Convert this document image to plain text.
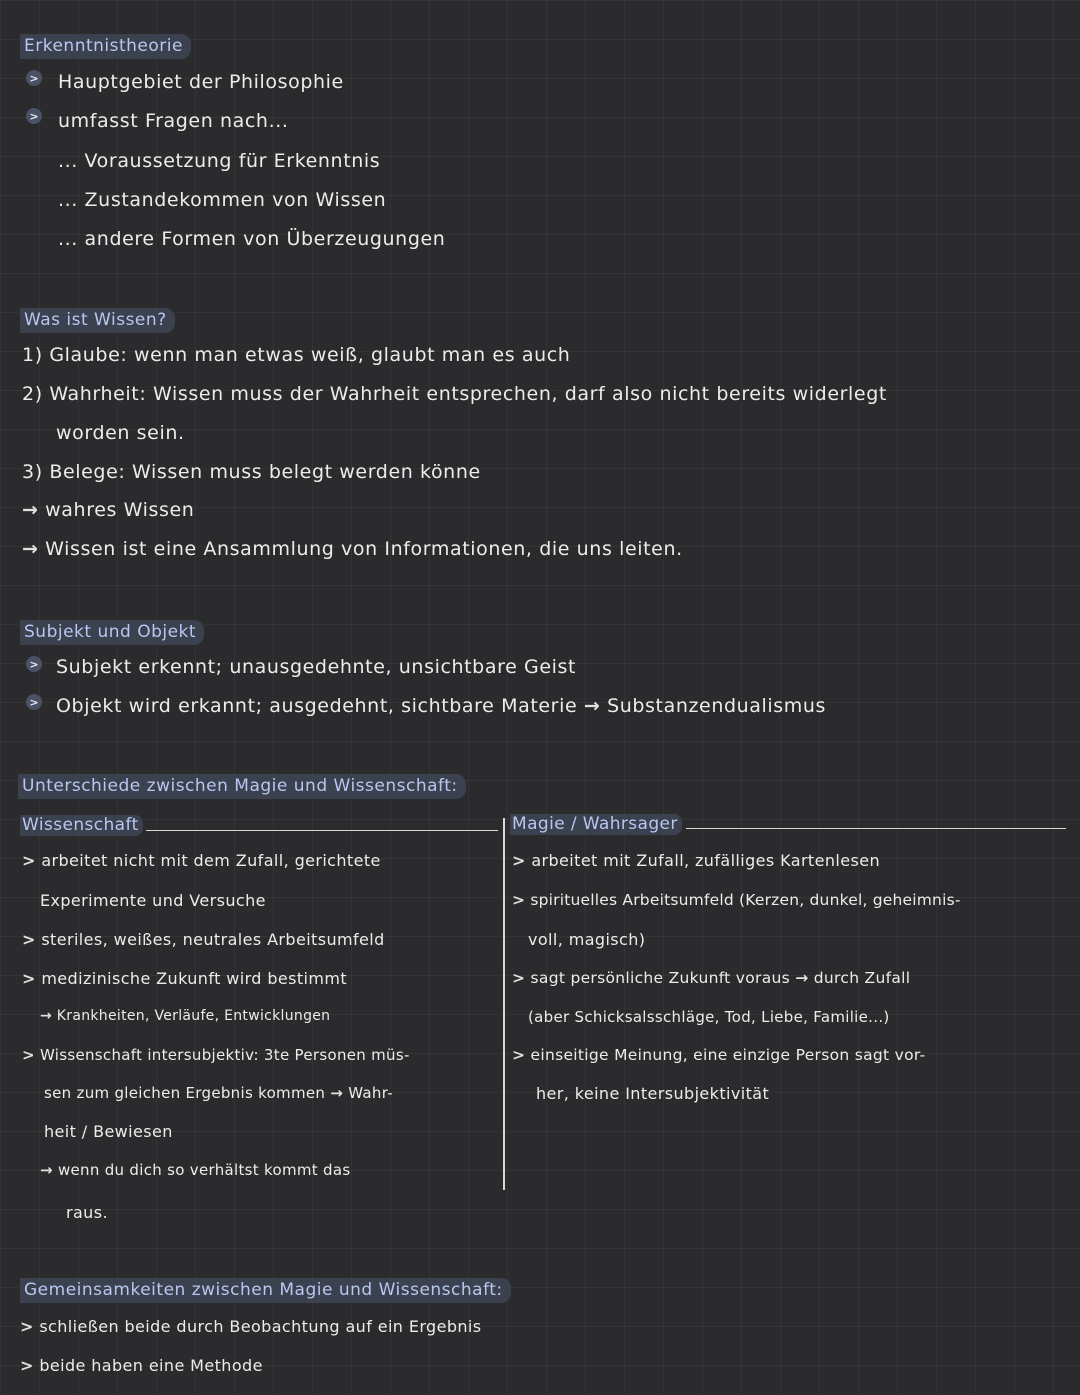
Erkenntnistheorie
> Hauptgebiet der Philosophie
> umfasst Fragen nach...
... Voraussetzung für Erkenntnis
... Zustandekommen von Wissen
... andere Formen von Überzeugungen
Was ist Wissen?
1) Glaube: wenn man etwas weiß, glaubt man es auch
2) Wahrheit: Wissen muss der Wahrheit entsprechen, darf also nicht bereits widerlegt
worden sein.
3) Belege: Wissen muss belegt werden könne
→ wahres Wissen
→ Wissen ist eine Ansammlung von Informationen, die uns leiten.
Subjekt und Objekt
> Subjekt erkennt; unausgedehnte, unsichtbare Geist
> Objekt wird erkannt; ausgedehnt, sichtbare Materie → Substanzendualismus
Unterschiede zwischen Magie und Wissenschaft:
Wissenschaft	Magie / Wahrsager
> arbeitet nicht mit dem Zufall, gerichtete
Experimente und Versuche
> steriles, weißes, neutrales Arbeitsumfeld
> medizinische Zukunft wird bestimmt
→ Krankheiten, Verläufe, Entwicklungen
> Wissenschaft intersubjektiv: 3te Personen müs-
sen zum gleichen Ergebnis kommen → Wahr-
heit / Bewiesen
→ wenn du dich so verhältst kommt das
raus.
> arbeitet mit Zufall, zufälliges Kartenlesen
> spirituelles Arbeitsumfeld (Kerzen, dunkel, geheimnis-
voll, magisch)
> sagt persönliche Zukunft voraus → durch Zufall
(aber Schicksalsschläge, Tod, Liebe, Familie...)
> einseitige Meinung, eine einzige Person sagt vor-
her, keine Intersubjektivität
Gemeinsamkeiten zwischen Magie und Wissenschaft:
> schließen beide durch Beobachtung auf ein Ergebnis
> beide haben eine Methode
